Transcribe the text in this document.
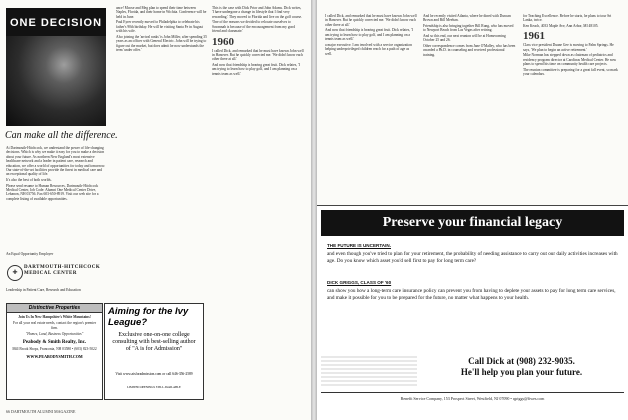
ONE DECISION
Can make all the difference.

At Dartmouth-Hitchcock, we understand the power of life-changing decisions. Which is why we make it easy for you to make a decision about your future. As northern New England's most extensive healthcare network and a leader in patient care, research and education, we offer a world of opportunities for today and tomorrow. Our state-of-the-art facilities provide the finest in medical care and an exceptional quality of life.

It's also the best of both worlds.

Please send resume to Human Resources, Dartmouth-Hitchcock Medical Center, Job Code: Alumni One Medical Center Drive, Lebanon, NH 03756. Fax 603-650-8919. Visit our web site for a complete listing of available opportunities.

An Equal Opportunity Employer

✚
DARTMOUTH-HITCHCOCK
MEDICAL CENTER

Leadership in Patient Care, Research and Education

Distinctive Properties

Join Us In New Hampshire's White Mountains!

For all your real estate needs, contact the region's premier firm.

"Homes, Land, Business Opportunities"

Peabody & Smith Realty, Inc.

Mill Brook Shops, Franconia, NH 03580 • (603) 823-5022

WWW.PEABODYSMITH.COM
Aiming for the Ivy League?
Exclusive one-on-one college consulting with best-selling author of "A is for Admission"
Visit www.aisforadmission.com or call 646-356-2589
LIMITED OPENINGS STILL AVAILABLE

ance! Moose and Meg plan to spend their time between Naples, Florida, and their home in Wichita. Conference will be held in June.

Paul Eyrer recently moved to Philadelphia to celebrate his father's 90th birthday. He will be visiting Santa Fe in August with his wife.

Also joining the 'arrival ranks' is John Miller, after spending 35 years as an officer with General Electric. John will be trying to figure out the market, but does admit he now understands the term 'under offer.'

This is the case with Dick Prior and John Adams. Dick writes, 'I have undergone a change in lifestyle that I find very rewarding.' They moved to Florida and live on the golf course.

'One of the reasons we decided to relocate ourselves to Savannah is because of the encouragement from my good friend and classmate.'

1960

I called Dick, and remarked that he must have known John well in Hanover. But he quickly corrected me. 'We didn't know each other there at all.'

And now that friendship is bearing great fruit. Dick relates, 'I am trying to learn how to play golf, and I am planning on a tennis team as well.'

66 DARTMOUTH ALUMNI MAGAZINE

I called Dick, and remarked that he must have known John well in Hanover. But he quickly corrected me. 'We didn't know each other there at all.'

And now that friendship is bearing great fruit. Dick relates, 'I am trying to learn how to play golf, and I am planning on a tennis team as well.'

a major executive. I am involved with a service organization helping underprivileged children reach for a path of age as well.

And he recently visited Atlanta, where he dined with Duncan Brown and Bill Meehan.

Friendship is also bringing together Bill Rung, who has moved to Newport Beach from Las Vegas after retiring.

And so this end, our next reunion will be at Homecoming October 25 and 26.

Other correspondence comes from Jane O'Malley, who has been awarded a Ph.D. in counseling and received professional training.

for Teaching Excellence. Before he starts, he plans to tour Sri Lanka, twice.

Ken Keach, 4033 Maple Ave, Ann Arbor, MI 48105.

1961

Class vice president Duane Gee is moving to Palm Springs. He says, 'We plan to begin an active retirement.'

Mike Norman has stepped down as chairman of pediatrics and residency program director at Carolinas Medical Center. He now plans to spend his time on community health care projects.

The reunion committee is preparing for a great fall event, so mark your calendars.

Preserve your financial legacy
THE FUTURE IS UNCERTAIN.

and even though you've tried to plan for your retirement, the probability of needing assistance to carry out our daily activities increases with age. Do you know which asset you'd sell first to pay for long term care?

DICK GRIGGS, CLASS OF '60

can show you how a long-term care insurance policy can prevent you from having to deplete your assets to pay for long term care services, and make it possible for you to be prepared for the future, no matter what happens to your health.

Call Dick at (908) 232-9035.
He'll help you plan your future.
Benefit Service Company, 153 Prospect Street, Westfield, NJ 07090 • rgriggs@fiwes.com
